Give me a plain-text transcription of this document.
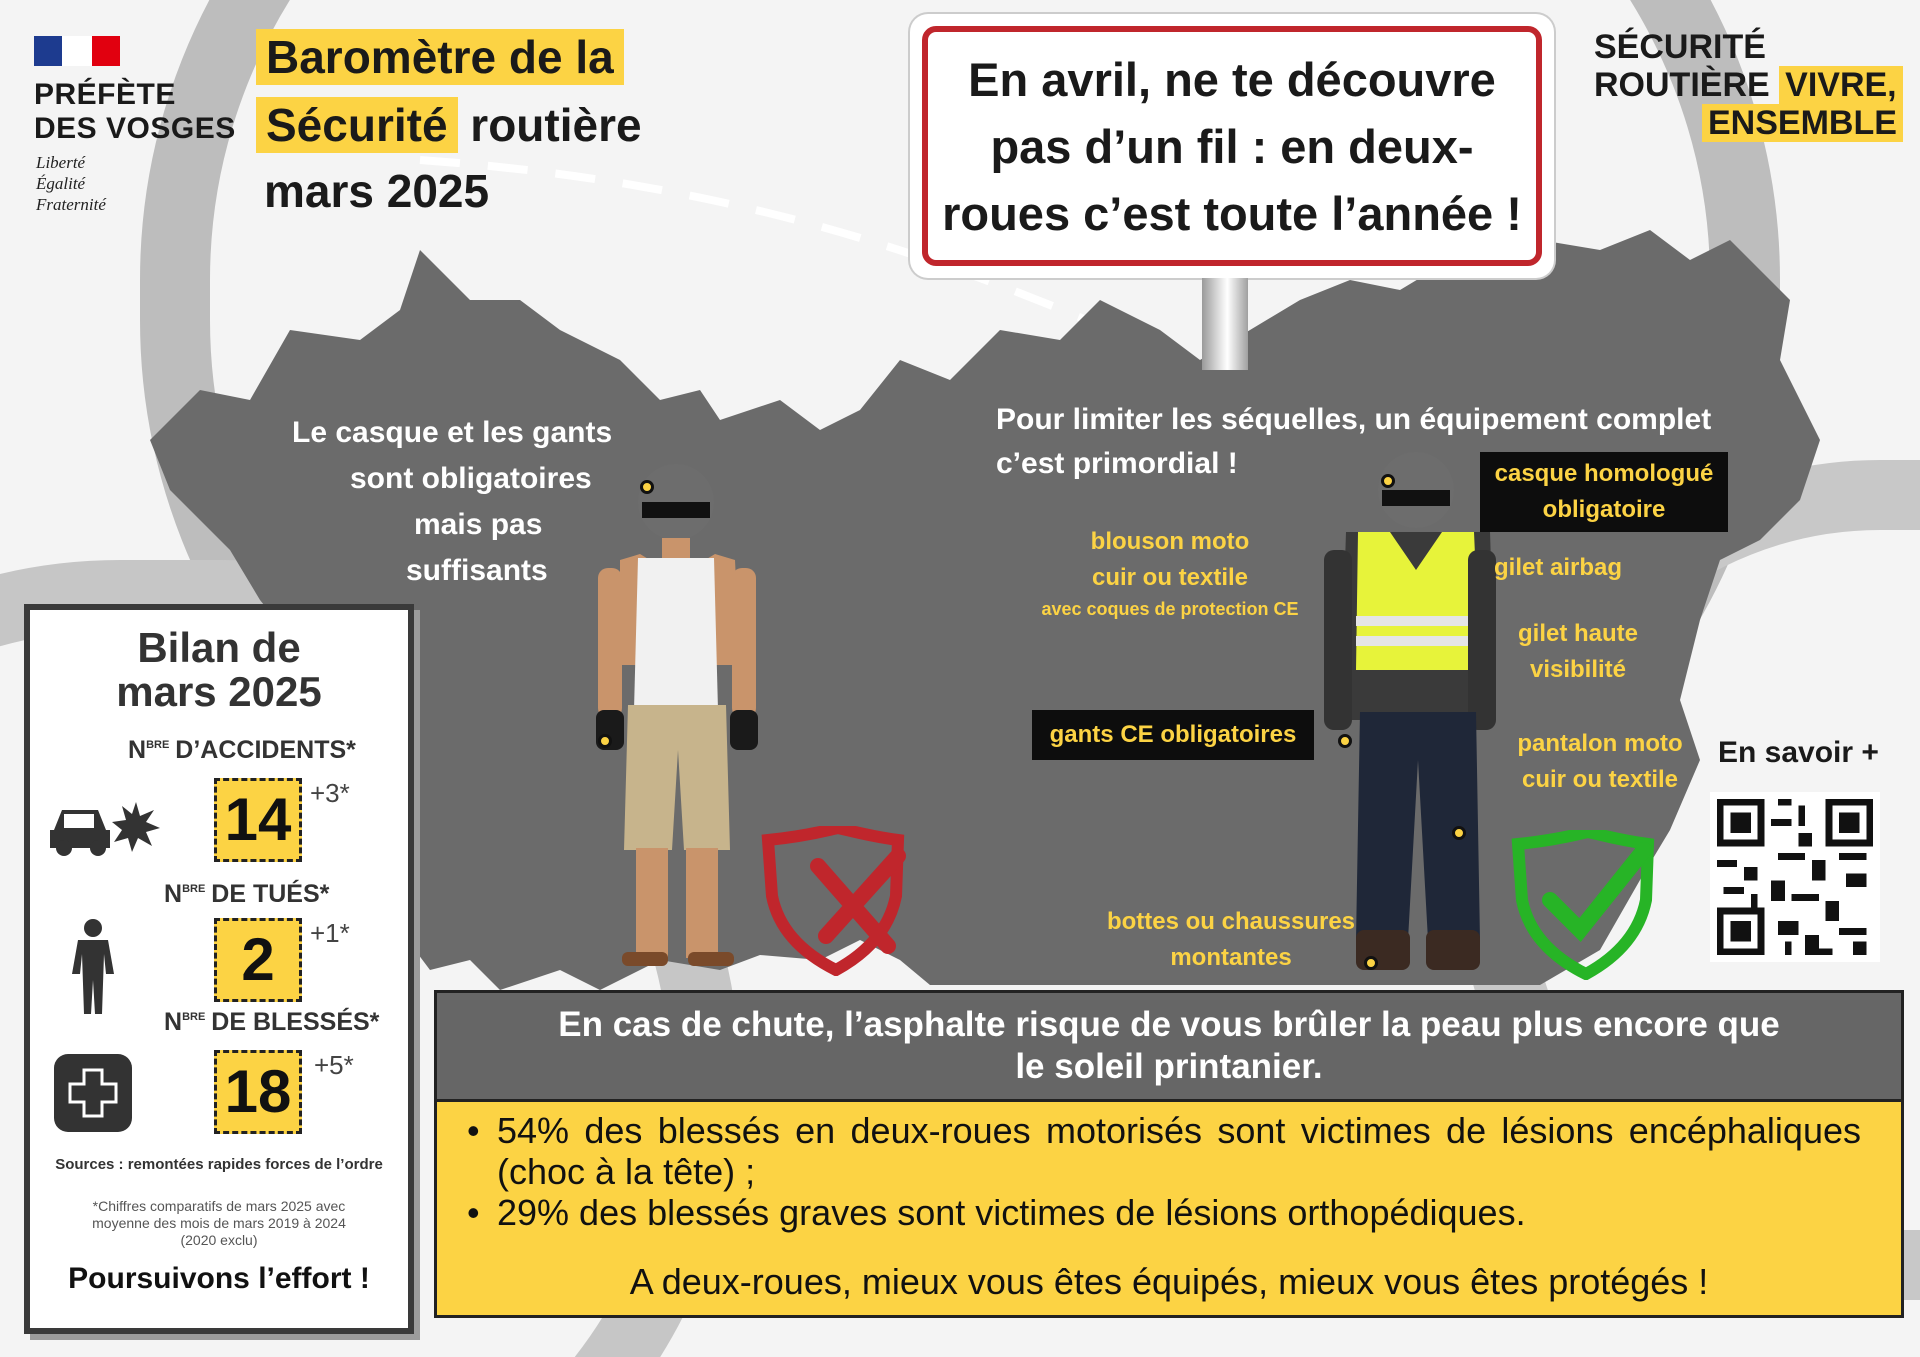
PRÉFÈTE
DES VOSGES
Liberté
Égalité
Fraternité
Baromètre de la
Sécurité routière
mars 2025
SÉCURITÉ
ROUTIÈRE VIVRE,
ENSEMBLE
En avril, ne te découvre
pas d’un fil : en deux-
roues c’est toute l’année !
Le casque et les gants
sont obligatoires
mais pas
suffisants
Pour limiter les séquelles, un équipement complet
c’est primordial !	casque homologué
obligatoire
blouson moto
cuir ou textile
avec coques de protection CE
gilet airbag
gilet haute
visibilité
gants CE obligatoires	pantalon moto
cuir ou textile
bottes ou chaussures
montantes
En savoir +
Bilan de
mars 2025
$N^{BRE}$ D’ACCIDENTS*
14 +3*
$N^{BRE}$ DE TUÉS*
2	+1*
$N^{BRE}$ DE BLESSÉS*
18 +5*
Sources : remontées rapides forces de l’ordre
*Chiffres comparatifs de mars 2025 avec
moyenne des mois de mars 2019 à 2024
(2020 exclu)
Poursuivons l’effort !
En cas de chute, l’asphalte risque de vous brûler la peau plus encore que
le soleil printanier.
• 54% des blessés en deux-roues motorisés sont victimes de lésions encéphaliques (choc à la tête) ;
• 29% des blessés graves sont victimes de lésions orthopédiques.
A deux-roues, mieux vous êtes équipés, mieux vous êtes protégés !
